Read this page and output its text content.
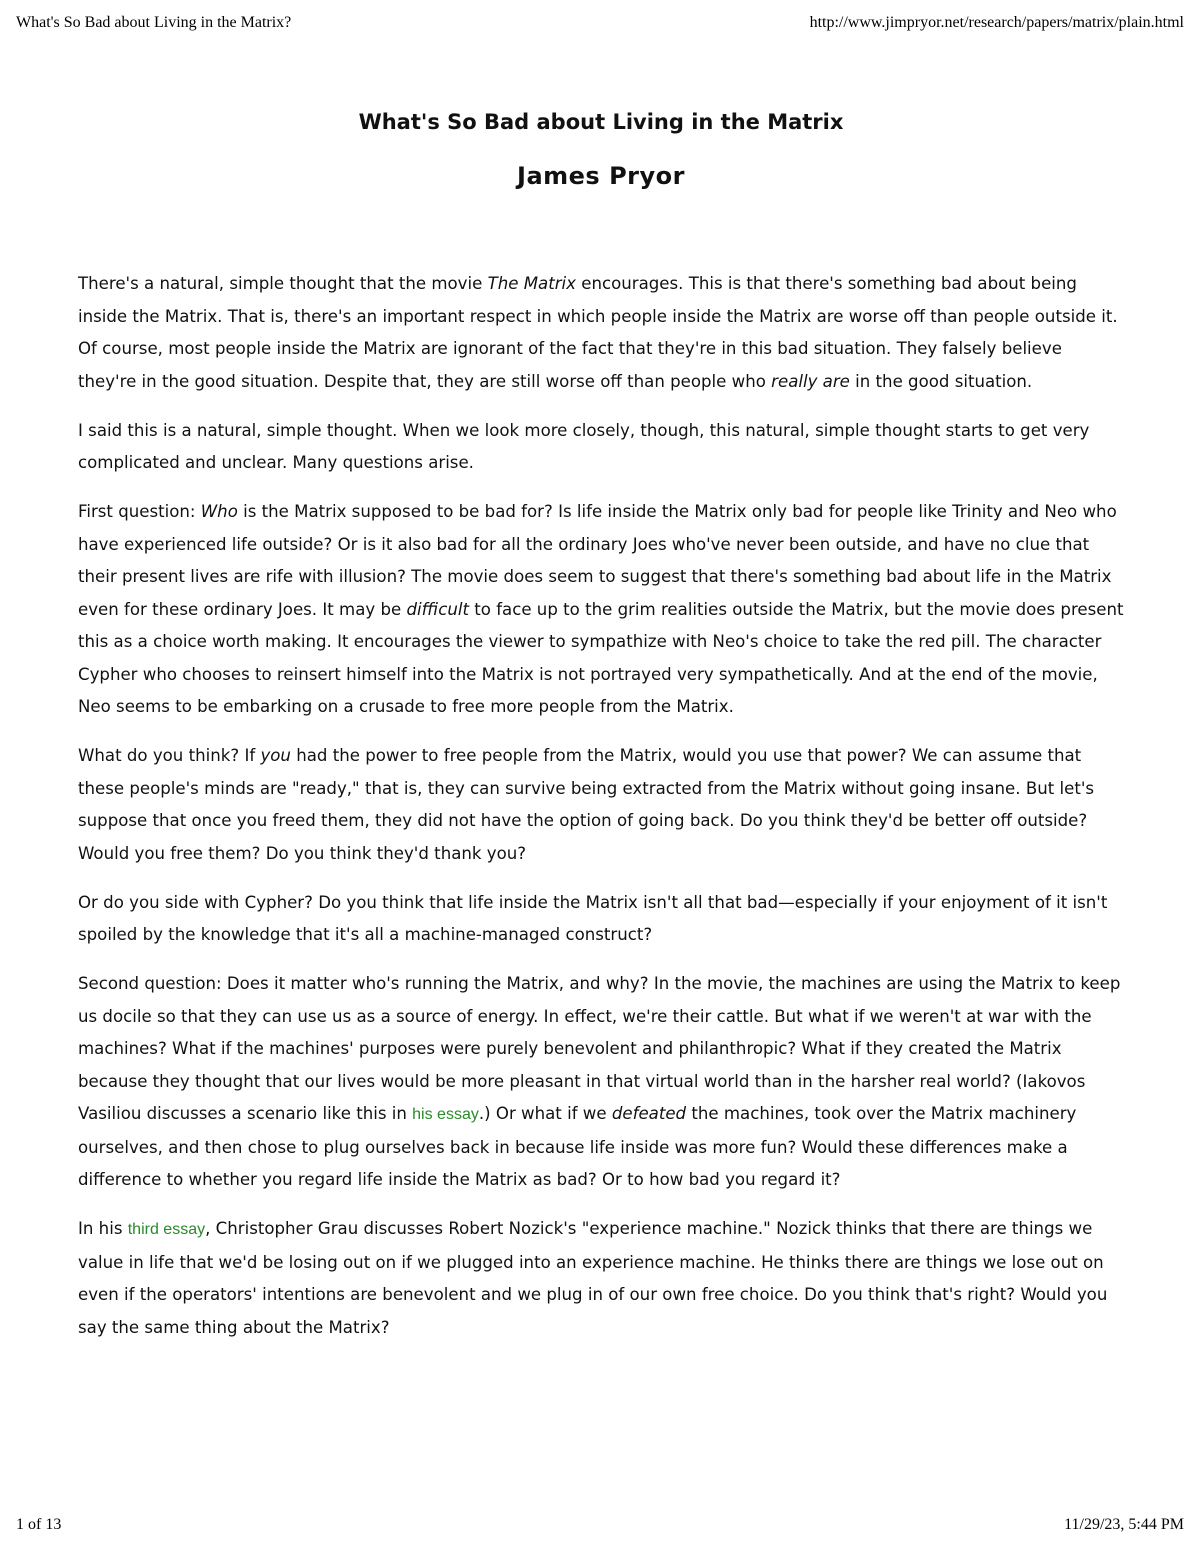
What's So Bad about Living in the Matrix?	http://www.jimpryor.net/research/papers/matrix/plain.html
What's So Bad about Living in the Matrix
James Pryor

There's a natural, simple thought that the movie The Matrix encourages. This is that there's something bad about being inside the Matrix. That is, there's an important respect in which people inside the Matrix are worse off than people outside it. Of course, most people inside the Matrix are ignorant of the fact that they're in this bad situation. They falsely believe they're in the good situation. Despite that, they are still worse off than people who really are in the good situation.

I said this is a natural, simple thought. When we look more closely, though, this natural, simple thought starts to get very complicated and unclear. Many questions arise.

First question: Who is the Matrix supposed to be bad for? Is life inside the Matrix only bad for people like Trinity and Neo who have experienced life outside? Or is it also bad for all the ordinary Joes who've never been outside, and have no clue that their present lives are rife with illusion? The movie does seem to suggest that there's something bad about life in the Matrix even for these ordinary Joes. It may be difficult to face up to the grim realities outside the Matrix, but the movie does present this as a choice worth making. It encourages the viewer to sympathize with Neo's choice to take the red pill. The character Cypher who chooses to reinsert himself into the Matrix is not portrayed very sympathetically. And at the end of the movie, Neo seems to be embarking on a crusade to free more people from the Matrix.

What do you think? If you had the power to free people from the Matrix, would you use that power? We can assume that these people's minds are "ready," that is, they can survive being extracted from the Matrix without going insane. But let's suppose that once you freed them, they did not have the option of going back. Do you think they'd be better off outside? Would you free them? Do you think they'd thank you?

Or do you side with Cypher? Do you think that life inside the Matrix isn't all that bad—especially if your enjoyment of it isn't spoiled by the knowledge that it's all a machine-managed construct?

Second question: Does it matter who's running the Matrix, and why? In the movie, the machines are using the Matrix to keep us docile so that they can use us as a source of energy. In effect, we're their cattle. But what if we weren't at war with the machines? What if the machines' purposes were purely benevolent and philanthropic? What if they created the Matrix because they thought that our lives would be more pleasant in that virtual world than in the harsher real world? (Iakovos Vasiliou discusses a scenario like this in his essay.) Or what if we defeated the machines, took over the Matrix machinery ourselves, and then chose to plug ourselves back in because life inside was more fun? Would these differences make a difference to whether you regard life inside the Matrix as bad? Or to how bad you regard it?

In his third essay, Christopher Grau discusses Robert Nozick's "experience machine." Nozick thinks that there are things we value in life that we'd be losing out on if we plugged into an experience machine. He thinks there are things we lose out on even if the operators' intentions are benevolent and we plug in of our own free choice. Do you think that's right? Would you say the same thing about the Matrix?

1 of 13	11/29/23, 5:44 PM
